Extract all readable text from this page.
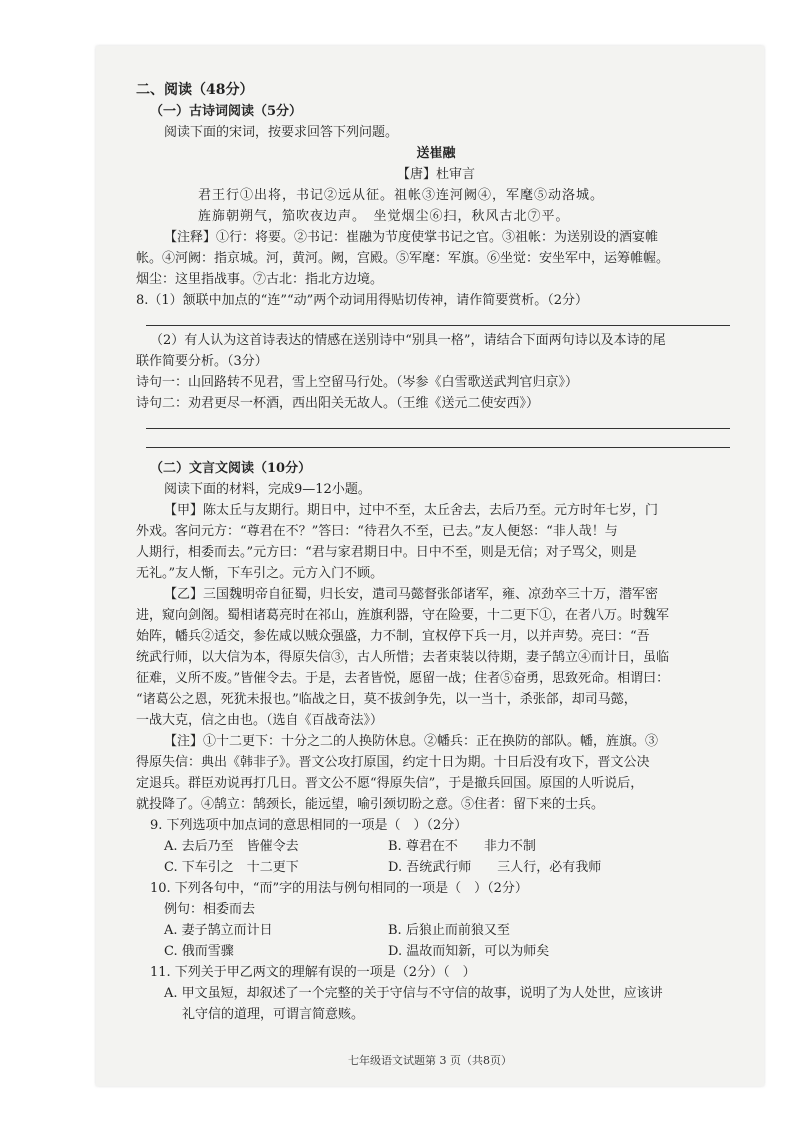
二、阅读（48分）
（一）古诗词阅读（5分）
阅读下面的宋词，按要求回答下列问题。
送崔融
【唐】杜审言
君王行①出将，书记②远从征。祖帐③连河阙④，军麾⑤动洛城。
旌旆朝朔气，笳吹夜边声。　坐觉烟尘⑥扫，秋风古北⑦平。
【注释】①行：将要。②书记：崔融为节度使掌书记之官。③祖帐：为送别设的酒宴帷
帐。④河阙：指京城。河，黄河。阙，宫殿。⑤军麾：军旗。⑥坐觉：安坐军中，运筹帷幄。
烟尘：这里指战事。⑦古北：指北方边境。
8.（1）颔联中加点的“连”“动”两个动词用得贴切传神，请作简要赏析。（2分）
（2）有人认为这首诗表达的情感在送别诗中“别具一格”，请结合下面两句诗以及本诗的尾
联作简要分析。（3分）
诗句一：山回路转不见君，雪上空留马行处。（岑参《白雪歌送武判官归京》）
诗句二：劝君更尽一杯酒，西出阳关无故人。（王维《送元二使安西》）
（二）文言文阅读（10分）
阅读下面的材料，完成9—12小题。
【甲】陈太丘与友期行。期日中，过中不至，太丘舍去，去后乃至。元方时年七岁，门
外戏。客问元方：“尊君在不？”答曰：“待君久不至，已去。”友人便怒：“非人哉！与
人期行，相委而去。”元方曰：“君与家君期日中。日中不至，则是无信；对子骂父，则是
无礼。”友人惭，下车引之。元方入门不顾。
【乙】三国魏明帝自征蜀，归长安，遣司马懿督张郃诸军，雍、凉劲卒三十万，潜军密
进，窥向剑阁。蜀相诸葛亮时在祁山，旌旗利器，守在险要，十二更下①，在者八万。时魏军
始阵，幡兵②适交，参佐咸以贼众强盛，力不制，宜权停下兵一月，以并声势。亮曰：“吾
统武行师，以大信为本，得原失信③，古人所惜；去者束装以待期，妻子鹄立④而计日，虽临
征难，义所不废。”皆催令去。于是，去者皆悦，愿留一战；住者⑤奋勇，思致死命。相谓曰：
“诸葛公之恩，死犹未报也。”临战之日，莫不拔剑争先，以一当十，杀张郃，却司马懿，
一战大克，信之由也。（选自《百战奇法》）
【注】①十二更下：十分之二的人换防休息。②幡兵：正在换防的部队。幡，旌旗。③
得原失信：典出《韩非子》。晋文公攻打原国，约定十日为期。十日后没有攻下，晋文公决
定退兵。群臣劝说再打几日。晋文公不愿“得原失信”，于是撤兵回国。原国的人听说后，
就投降了。④鹄立：鹄颈长，能远望，喻引颈切盼之意。⑤住者：留下来的士兵。
9. 下列选项中加点词的意思相同的一项是（　）（2分）
A. 去后乃至　皆催令去	B. 尊君在不　　非力不制
C. 下车引之　十二更下	D. 吾统武行师　　三人行，必有我师
10. 下列各句中，“而”字的用法与例句相同的一项是（　）（2分）
例句：相委而去
A. 妻子鹄立而计日	B. 后狼止而前狼又至
C. 俄而雪骤	D. 温故而知新，可以为师矣
11. 下列关于甲乙两文的理解有误的一项是（2分）（　）
A. 甲文虽短，却叙述了一个完整的关于守信与不守信的故事，说明了为人处世，应该讲
礼守信的道理，可谓言简意赅。
七年级语文试题第 3 页（共8页）
